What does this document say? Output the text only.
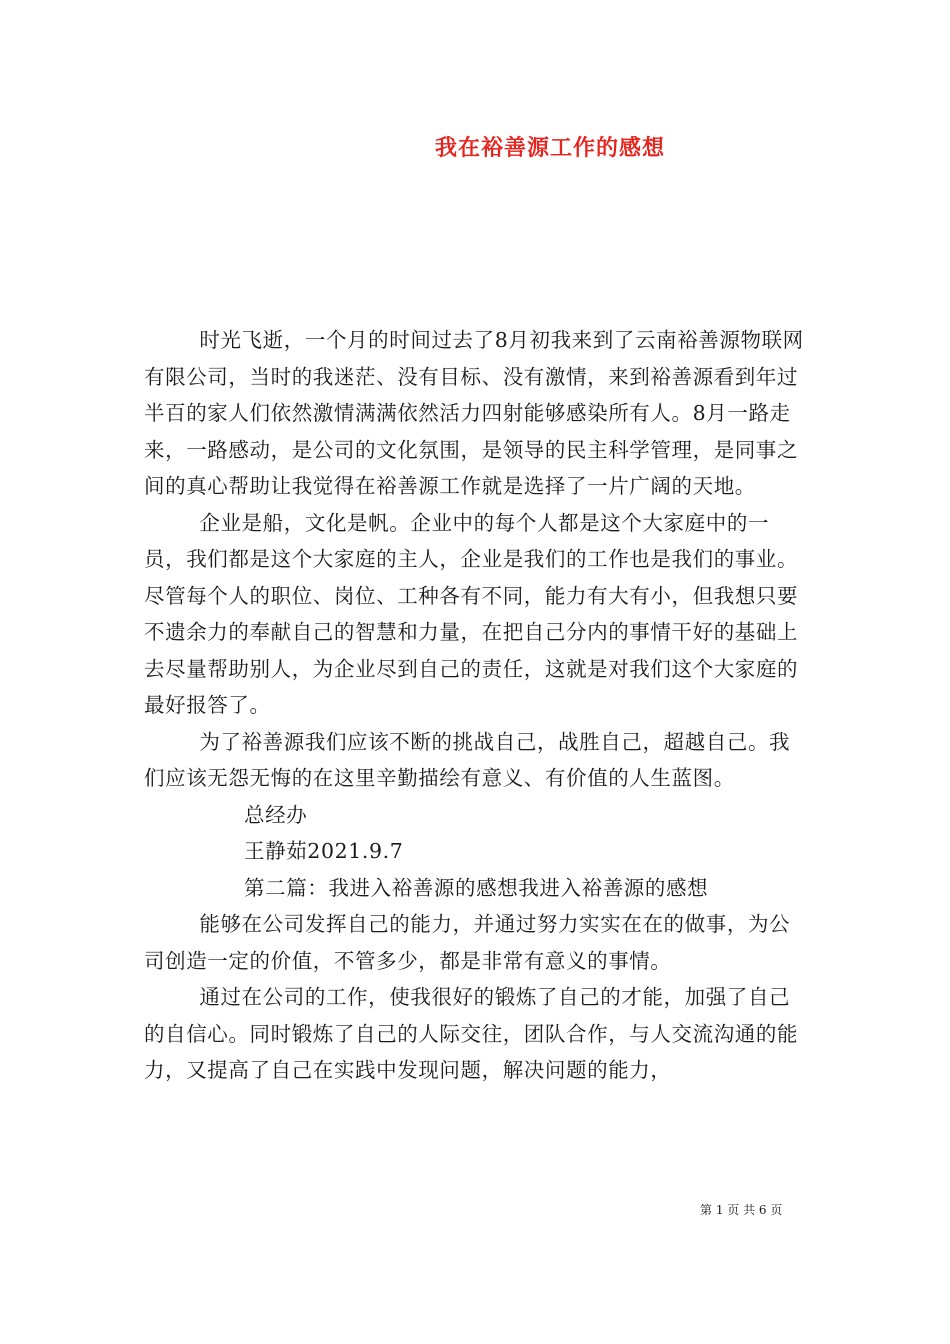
我在裕善源工作的感想

时光飞逝，一个月的时间过去了8月初我来到了云南裕善源物联网有限公司，当时的我迷茫、没有目标、没有激情，来到裕善源看到年过半百的家人们依然激情满满依然活力四射能够感染所有人。8月一路走来，一路感动，是公司的文化氛围，是领导的民主科学管理，是同事之间的真心帮助让我觉得在裕善源工作就是选择了一片广阔的天地。

企业是船，文化是帆。企业中的每个人都是这个大家庭中的一员，我们都是这个大家庭的主人，企业是我们的工作也是我们的事业。尽管每个人的职位、岗位、工种各有不同，能力有大有小，但我想只要不遗余力的奉献自己的智慧和力量，在把自己分内的事情干好的基础上去尽量帮助别人，为企业尽到自己的责任，这就是对我们这个大家庭的最好报答了。

为了裕善源我们应该不断的挑战自己，战胜自己，超越自己。我们应该无怨无悔的在这里辛勤描绘有意义、有价值的人生蓝图。

总经办

王静茹2021.9.7

第二篇：我进入裕善源的感想我进入裕善源的感想

能够在公司发挥自己的能力，并通过努力实实在在的做事，为公司创造一定的价值，不管多少，都是非常有意义的事情。

通过在公司的工作，使我很好的锻炼了自己的才能，加强了自己的自信心。同时锻炼了自己的人际交往，团队合作，与人交流沟通的能力，又提高了自己在实践中发现问题，解决问题的能力，

第 1 页 共 6 页
